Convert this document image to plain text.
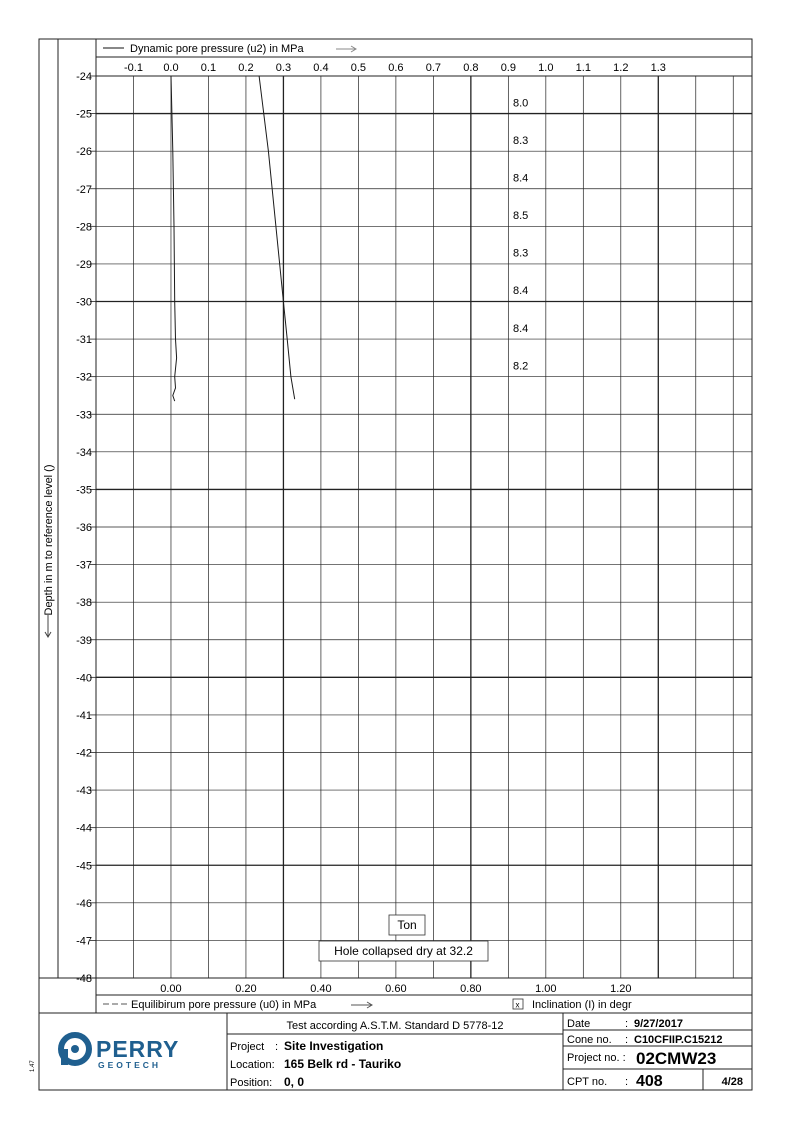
-0.1 0.0 0.1 0.2 0.3 0.4 0.5 0.6 0.7 0.8 0.9 1.0 1.1 1.2 1.3
-24
-25
-26
-27
-28
-29
-30
-31
-32
-33
-34
-35
-36
-37
-38
-39
-40
-41
-42
-43
-44
-45
-46
-47
-48
0.00	0.20	0.40	0.60	0.80	1.00	1.20
8.0
8.3
8.4
8.5
8.3
8.4
8.4
8.2
Dynamic pore pressure (u2) in MPa
Depth in m to reference level ()
Equilibirum pore pressure (u0) in MPa	x Inclination (I) in degr
Ton
Hole collapsed dry at 32.2
PERRY
GEOTECH
Test according A.S.T.M. Standard D 5778-12
Project : Site Investigation
Location: 165 Belk rd - Tauriko
Position: 0, 0
Date	: 9/27/2017
Cone no. : C10CFIIP.C15212
Project no. : 02CMW23
CPT no. : 408	4/28
1.47
